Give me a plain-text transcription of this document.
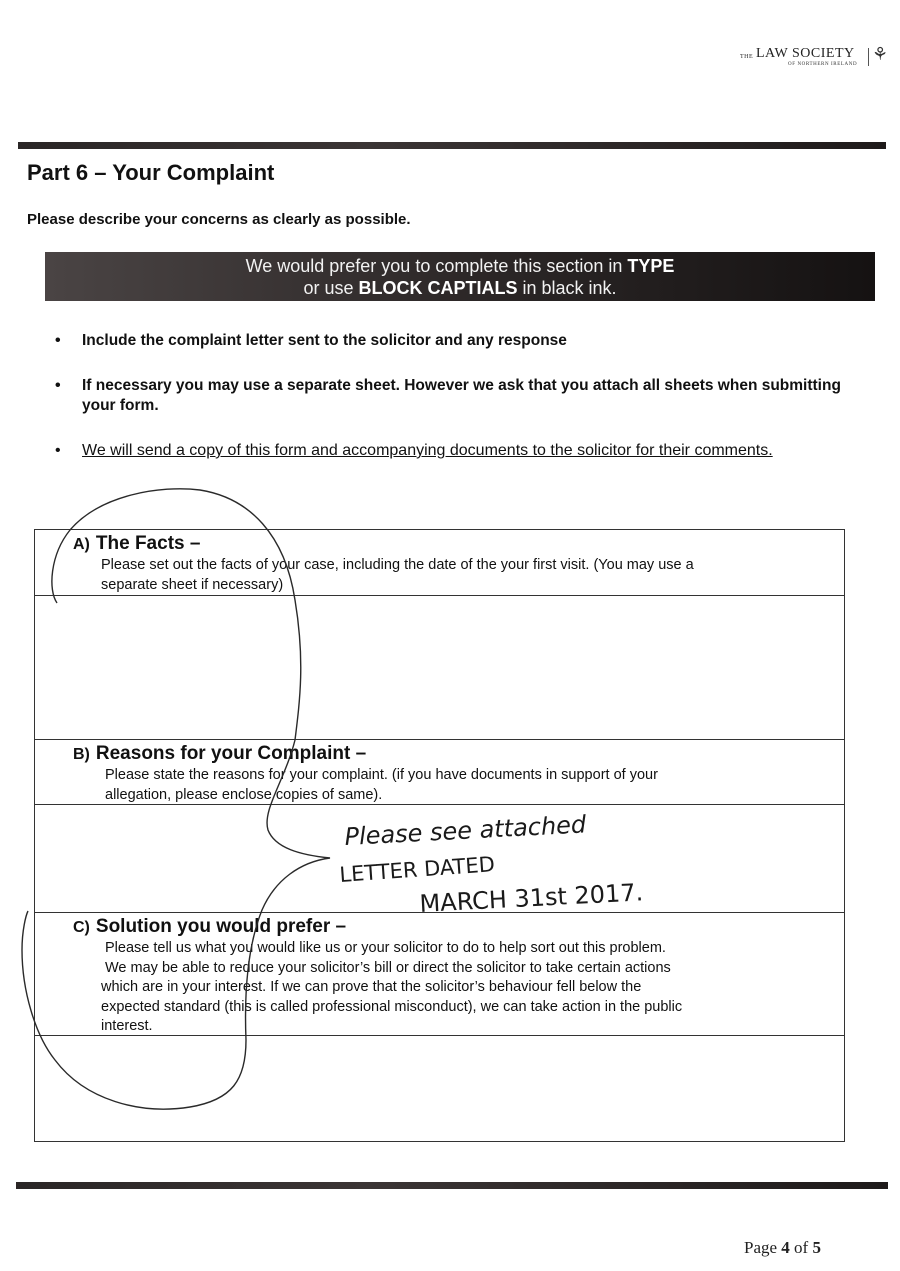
THE LAW SOCIETY
OF NORTHERN IRELAND
⚘
Part 6 – Your Complaint
Please describe your concerns as clearly as possible.
We would prefer you to complete this section in TYPE
or use BLOCK CAPTIALS in black ink.
• Include the complaint letter sent to the solicitor and any response
• If necessary you may use a separate sheet. However we ask that you attach all sheets when submitting your form.
• We will send a copy of this form and accompanying documents to the solicitor for their comments.
A) The Facts –
Please set out the facts of your case, including the date of the your first visit. (You may use a
separate sheet if necessary)
B) Reasons for your Complaint –
Please state the reasons for your complaint. (if you have documents in support of your
allegation, please enclose copies of same).
C) Solution you would prefer –
Please tell us what you would like us or your solicitor to do to help sort out this problem.
We may be able to reduce your solicitor’s bill or direct the solicitor to take certain actions
which are in your interest. If we can prove that the solicitor’s behaviour fell below the
expected standard (this is called professional misconduct), we can take action in the public
interest.
Please see attached
LETTER DATED
MARCH 31st 2017.
Page 4 of 5
